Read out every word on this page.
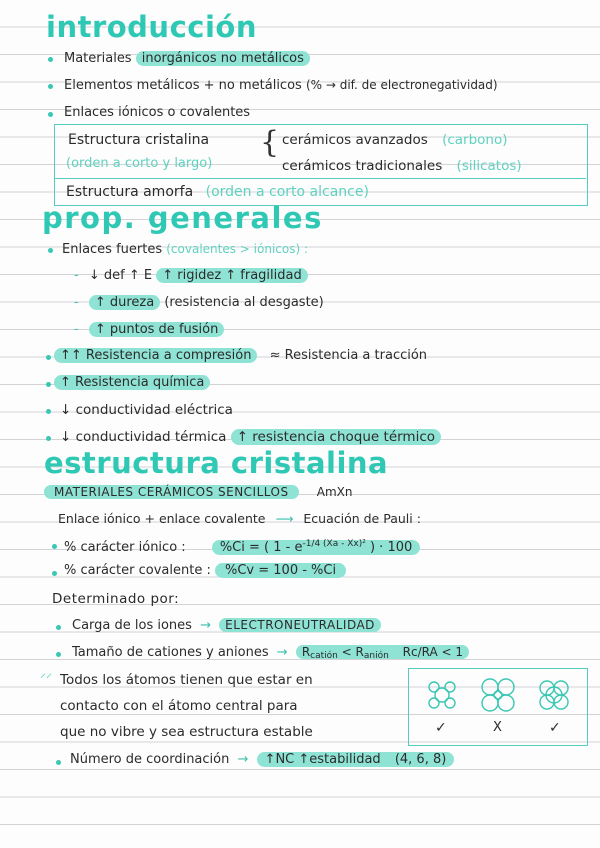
introducción
Materiales inorgánicos no metálicos
Elementos metálicos + no metálicos (% → dif. de electronegatividad)
Enlaces iónicos o covalentes
Estructura cristalina
(orden a corto y largo)
{ cerámicos avanzados (carbono)
cerámicos tradicionales (silicatos)
Estructura amorfa (orden a corto alcance)
prop. generales
Enlaces fuertes (covalentes > iónicos) :
- ↓ def ↑ E ↑ rigidez ↑ fragilidad
- ↑ dureza (resistencia al desgaste)
- ↑ puntos de fusión
↑↑ Resistencia a compresión ≈ Resistencia a tracción
↑ Resistencia química
↓ conductividad eléctrica
↓ conductividad térmica ↑ resistencia choque térmico
estructura cristalina
MATERIALES CERÁMICOS SENCILLOS AmXn
Enlace iónico + enlace covalente ⟶ Ecuación de Pauli :
% carácter iónico :	%Ci = ( $1 - e^{-1/4 (Xa - Xx)^2}$ ) · 100
% carácter covalente : %Cv = 100 - %Ci
Determinado por:
Carga de los iones → ELECTRONEUTRALIDAD
Tamaño de cationes y aniones → $R_{catión} < R_{anión}$ Rc/RA < 1
⸝⸝ Todos los átomos tienen que estar en
contacto con el átomo central para
que no vibre y sea estructura estable	✓	X	✓
Número de coordinación → ↑NC ↑estabilidad (4, 6, 8)
